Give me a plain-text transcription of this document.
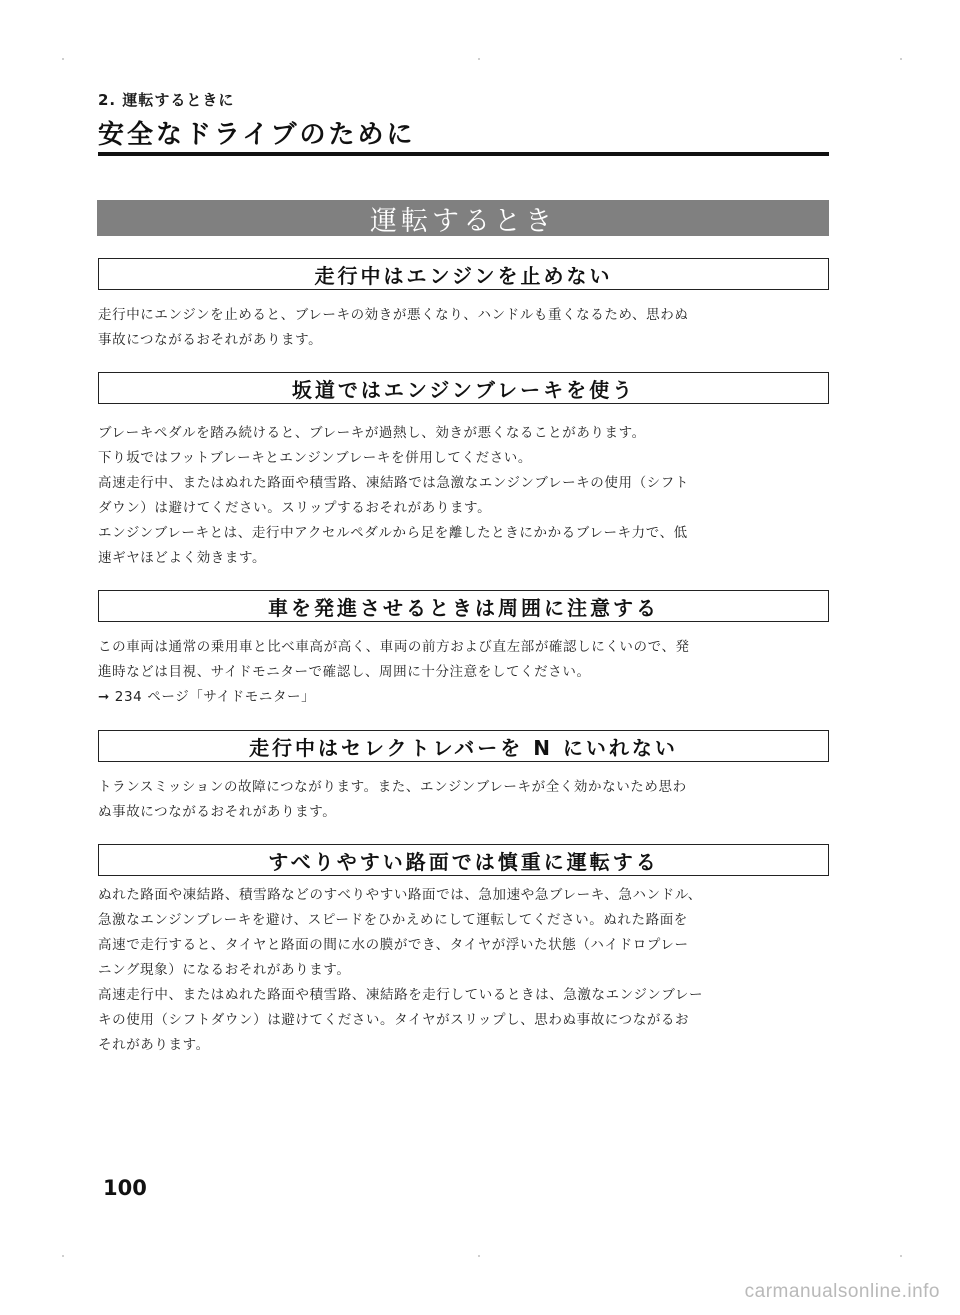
2. 運転するときに
安全なドライブのために
運転するとき
走行中はエンジンを止めない
走行中にエンジンを止めると、ブレーキの効きが悪くなり、ハンドルも重くなるため、思わぬ
事故につながるおそれがあります。
坂道ではエンジンブレーキを使う
ブレーキペダルを踏み続けると、ブレーキが過熱し、効きが悪くなることがあります。
下り坂ではフットブレーキとエンジンブレーキを併用してください。
高速走行中、またはぬれた路面や積雪路、凍結路では急激なエンジンブレーキの使用（シフト
ダウン）は避けてください。スリップするおそれがあります。
エンジンブレーキとは、走行中アクセルペダルから足を離したときにかかるブレーキ力で、低
速ギヤほどよく効きます。
車を発進させるときは周囲に注意する
この車両は通常の乗用車と比べ車高が高く、車両の前方および直左部が確認しにくいので、発
進時などは目視、サイドモニターで確認し、周囲に十分注意をしてください。
➞ 234 ページ「サイドモニター」
走行中はセレクトレバーを N にいれない
トランスミッションの故障につながります。また、エンジンブレーキが全く効かないため思わ
ぬ事故につながるおそれがあります。
すべりやすい路面では慎重に運転する
ぬれた路面や凍結路、積雪路などのすべりやすい路面では、急加速や急ブレーキ、急ハンドル、
急激なエンジンブレーキを避け、スピードをひかえめにして運転してください。ぬれた路面を
高速で走行すると、タイヤと路面の間に水の膜ができ、タイヤが浮いた状態（ハイドロプレー
ニング現象）になるおそれがあります。
高速走行中、またはぬれた路面や積雪路、凍結路を走行しているときは、急激なエンジンブレー
キの使用（シフトダウン）は避けてください。タイヤがスリップし、思わぬ事故につながるお
それがあります。
100
carmanualsonline.info
